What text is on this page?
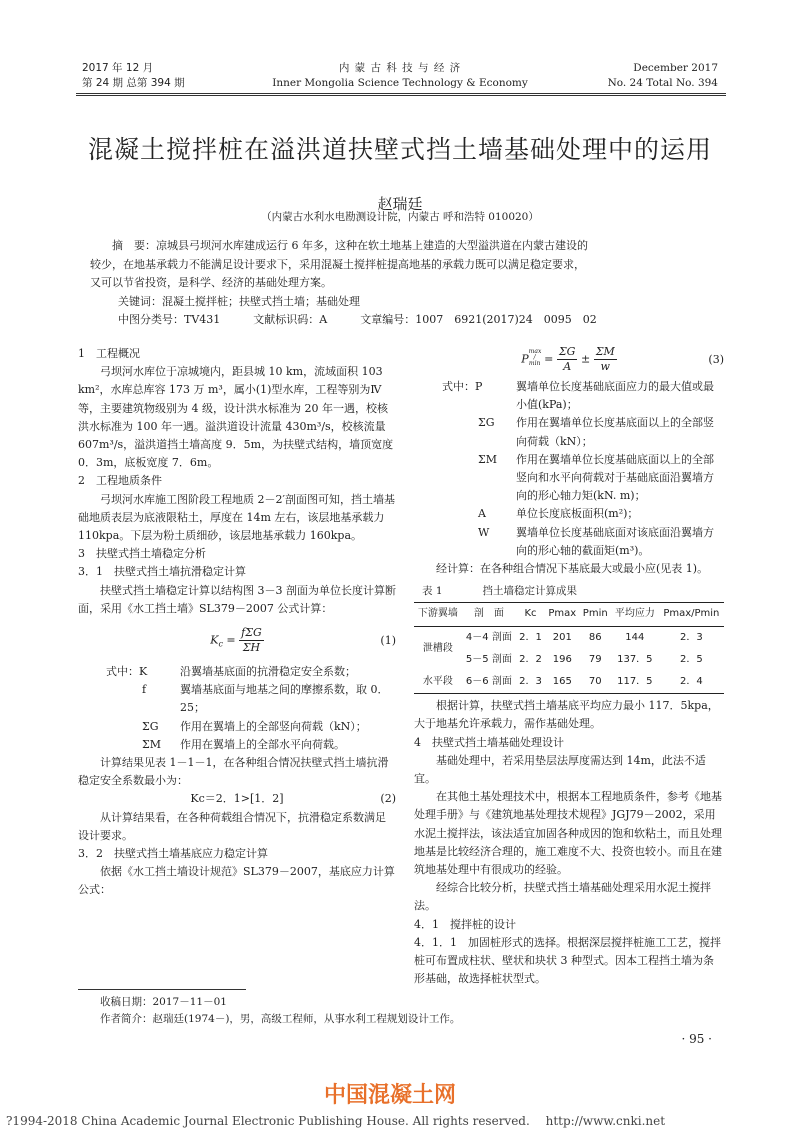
2017 年 12 月
第 24 期 总第 394 期
内 蒙 古 科 技 与 经 济
Inner Mongolia Science Technology & Economy
December 2017
No. 24 Total No. 394
混凝土搅拌桩在溢洪道扶壁式挡土墙基础处理中的运用
赵瑞廷
（内蒙古水利水电勘测设计院，内蒙古 呼和浩特 010020）
摘　要：凉城县弓坝河水库建成运行 6 年多，这种在软土地基上建造的大型溢洪道在内蒙古建设的
较少，在地基承载力不能满足设计要求下，采用混凝土搅拌桩提高地基的承载力既可以满足稳定要求，
又可以节省投资，是科学、经济的基础处理方案。
关键词：混凝土搅拌桩；扶壁式挡土墙；基础处理
中图分类号：TV431　　　文献标识码：A　　　文章编号：1007　6921(2017)24　0095　02

1　工程概况

弓坝河水库位于凉城境内，距县城 10 km，流域面积 103 km²，水库总库容 173 万 m³，属小(1)型水库，工程等别为Ⅳ等，主要建筑物级别为 4 级，设计洪水标准为 20 年一遇，校核洪水标准为 100 年一遇。溢洪道设计流量 430m³/s，校核流量 607m³/s，溢洪道挡土墙高度 9．5m，为扶壁式结构，墙顶宽度 0．3m，底板宽度 7．6m。

2　工程地质条件

弓坝河水库施工图阶段工程地质 2－2′剖面图可知，挡土墙基础地质表层为底液限粘土，厚度在 14m 左右，该层地基承载力 110kpa。下层为粉土质细砂，该层地基承载力 160kpa。

3　扶壁式挡土墙稳定分析

3．1　扶壁式挡土墙抗滑稳定计算

扶壁式挡土墙稳定计算以结构图 3－3 剖面为单位长度计算断面，采用《水工挡土墙》SL379－2007 公式计算：

$K_c = \frac{\text{fΣG}}{\Sigma H}$	(1)
式中：K	沿翼墙基底面的抗滑稳定安全系数；
f	翼墙基底面与地基之间的摩擦系数，取 0．25；
ΣG	作用在翼墙上的全部竖向荷载（kN）；
ΣM	作用在翼墙上的全部水平向荷载。

计算结果见表 1－1－1，在各种组合情况扶壁式挡土墙抗滑稳定安全系数最小为：

Kc＝2．1>[1．2]	(2)

从计算结果看，在各种荷载组合情况下，抗滑稳定系数满足设计要求。

3．2　扶壁式挡土墙基底应力稳定计算

依据《水工挡土墙设计规范》SL379－2007，基底应力计算公式：

$Pmax / \min = \frac{\Sigma G}{A} \pm \frac{\Sigma M}{w}$	(3)
式中：P	翼墙单位长度基础底面应力的最大值或最小值(kPa)；
ΣG	作用在翼墙单位长度基底面以上的全部竖向荷载（kN）；
ΣM	作用在翼墙单位长度基础底面以上的全部竖向和水平向荷载对于基础底面沿翼墙方向的形心轴力矩(kN. m)；
A	单位长度底板面积(m²)；
W	翼墙单位长度基础底面对该底面沿翼墙方向的形心轴的截面矩(m³)。

经计算：在各种组合情况下基底最大或最小应(见表 1)。

表 1	挡土墙稳定计算成果
下游翼墙	剖　面	Kc	Pmax	Pmin	平均应力	Pmax/Pmin
泄槽段	4－4 剖面	2．1	201	86	144	2．3
	5－5 剖面	2．2	196	79	137．5	2．5
水平段	6－6 剖面	2．3	165	70	117．5	2．4

根据计算，扶壁式挡土墙基底平均应力最小 117．5kpa，大于地基允许承载力，需作基础处理。

4　扶壁式挡土墙基础处理设计

基础处理中，若采用垫层法厚度需达到 14m，此法不适宜。

在其他土基处理技术中，根据本工程地质条件，参考《地基处理手册》与《建筑地基处理技术规程》JGJ79－2002，采用水泥土搅拌法，该法适宜加固各种成因的饱和软粘土，而且处理地基是比较经济合理的，施工难度不大、投资也较小。而且在建筑地基处理中有很成功的经验。

经综合比较分析，扶壁式挡土墙基础处理采用水泥土搅拌法。

4．1　搅拌桩的设计

4．1．1　加固桩形式的选择。根据深层搅拌桩施工工艺，搅拌桩可布置成柱状、壁状和块状 3 种型式。因本工程挡土墙为条形基础，故选择桩状型式。

收稿日期：2017－11－01
作者简介：赵瑞廷(1974－)，男，高级工程师，从事水利工程规划设计工作。
· 95 ·
?1994-2018 China Academic Journal Electronic Publishing House. All rights reserved.　 http://www.cnki.net
中国混凝土网
